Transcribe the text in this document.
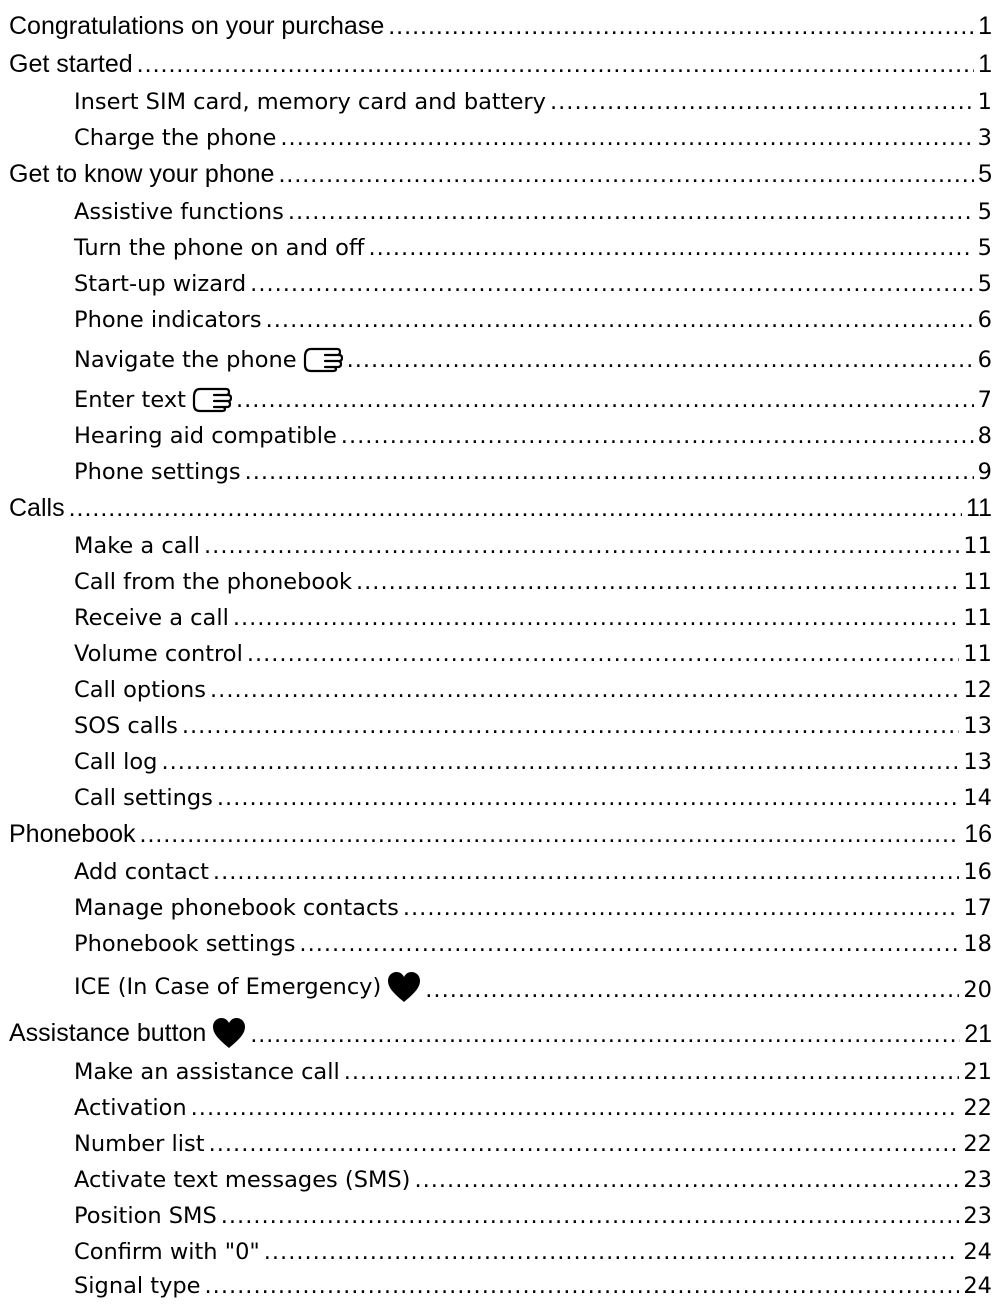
Congratulations on your purchase .....	1
Get started .....	1
Insert SIM card, memory card and battery .....	1
Charge the phone .....	3
Get to know your phone .....	5
Assistive functions .....	5
Turn the phone on and off .....	5
Start-up wizard .....	5
Phone indicators .....	6
Navigate the phone .....	6
Enter text .....	7
Hearing aid compatible .....	8
Phone settings .....	9
Calls .....	11
Make a call .....	11
Call from the phonebook .....	11
Receive a call .....	11
Volume control .....	11
Call options .....	12
SOS calls .....	13
Call log .....	13
Call settings .....	14
Phonebook .....	16
Add contact .....	16
Manage phonebook contacts .....	17
Phonebook settings .....	18
ICE (In Case of Emergency) .....	20
Assistance button .....	21
Make an assistance call .....	21
Activation .....	22
Number list .....	22
Activate text messages (SMS) .....	23
Position SMS .....	23
Confirm with "0" .....	24
Signal type .....	24
